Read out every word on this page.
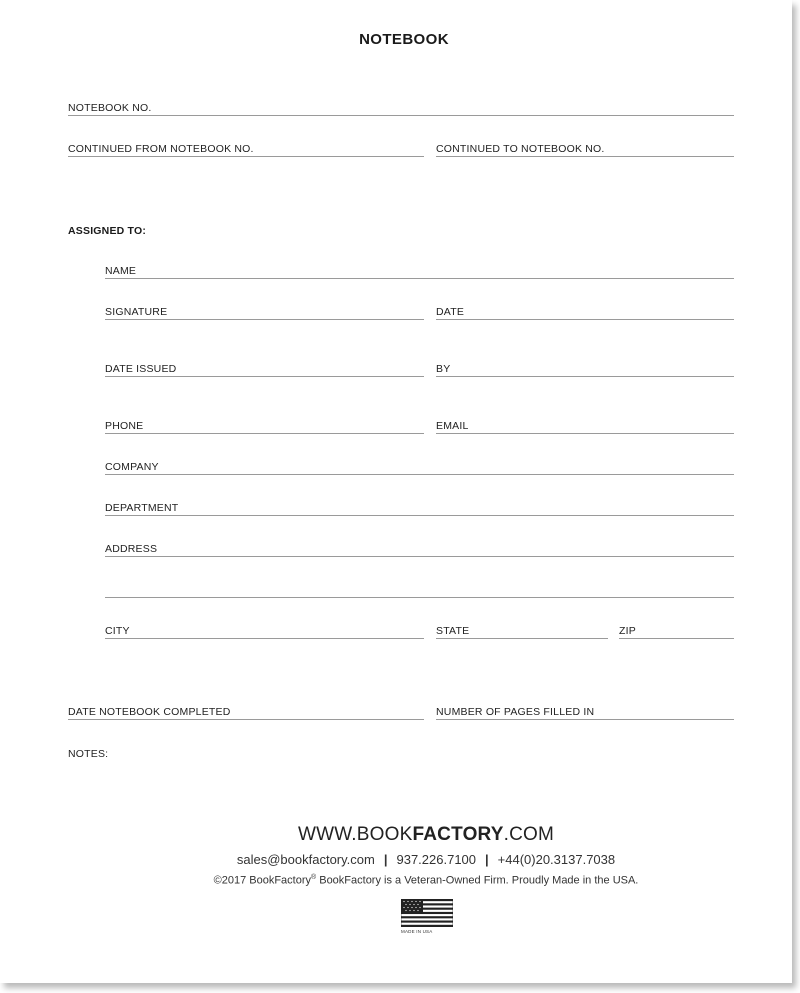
NOTEBOOK
NOTEBOOK NO.
CONTINUED FROM NOTEBOOK NO.	CONTINUED TO NOTEBOOK NO.
ASSIGNED TO:
NAME
SIGNATURE	DATE
DATE ISSUED	BY
PHONE	EMAIL
COMPANY
DEPARTMENT
ADDRESS
CITY	STATE	ZIP
DATE NOTEBOOK COMPLETED	NUMBER OF PAGES FILLED IN
NOTES:
WWW.BOOKFACTORY.COM
sales@bookfactory.com | 937.226.7100 | +44(0)20.3137.7038
©2017 BookFactory® BookFactory is a Veteran-Owned Firm. Proudly Made in the USA.
MADE IN USA
